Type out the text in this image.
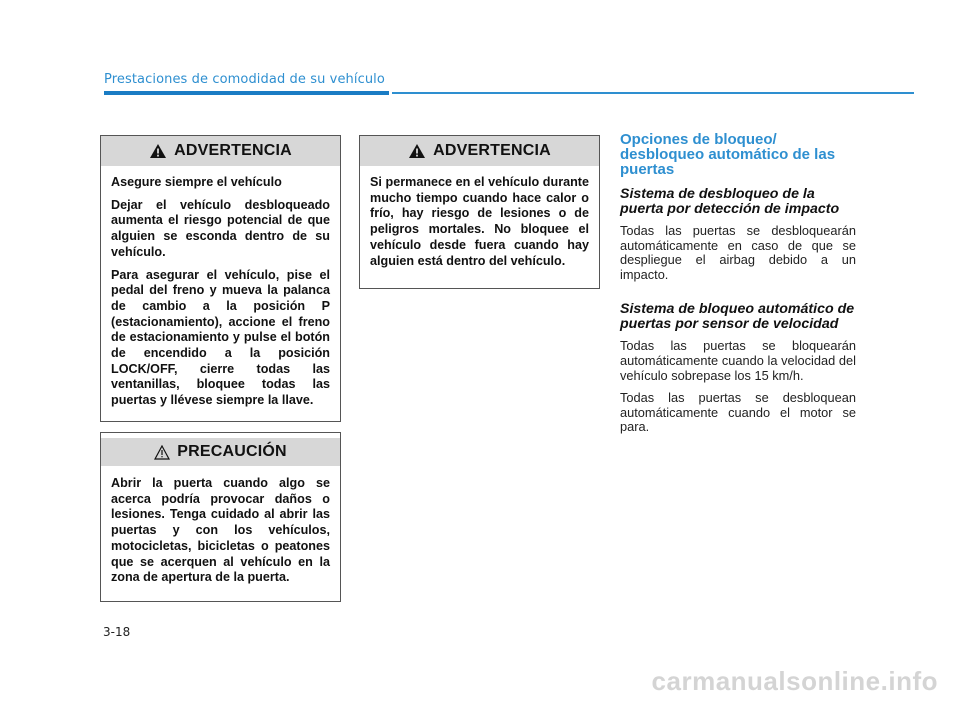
Prestaciones de comodidad de su vehículo
ADVERTENCIA

Asegure siempre el vehículo

Dejar el vehículo desbloqueado aumenta el riesgo potencial de que alguien se esconda dentro de su vehículo.

Para asegurar el vehículo, pise el pedal del freno y mueva la palanca de cambio a la posición P (estacionamiento), accione el freno de estacionamiento y pulse el botón de encendido a la posición LOCK/OFF, cierre todas las ventanillas, bloquee todas las puertas y llévese siempre la llave.

PRECAUCIÓN

Abrir la puerta cuando algo se acerca podría provocar daños o lesiones. Tenga cuidado al abrir las puertas y con los vehículos, motocicletas, bicicletas o peatones que se acerquen al vehículo en la zona de apertura de la puerta.

ADVERTENCIA

Si permanece en el vehículo durante mucho tiempo cuando hace calor o frío, hay riesgo de lesiones o de peligros mortales. No bloquee el vehículo desde fuera cuando hay alguien está dentro del vehículo.

Opciones de bloqueo/ desbloqueo automático de las puertas
Sistema de desbloqueo de la puerta por detección de impacto
Todas las puertas se desbloquearán automáticamente en caso de que se despliegue el airbag debido a un impacto.
Sistema de bloqueo automático de puertas por sensor de velocidad
Todas las puertas se bloquearán automáticamente cuando la velocidad del vehículo sobrepase los 15 km/h.
Todas las puertas se desbloquean automáticamente cuando el motor se para.
3-18
carmanualsonline.info
